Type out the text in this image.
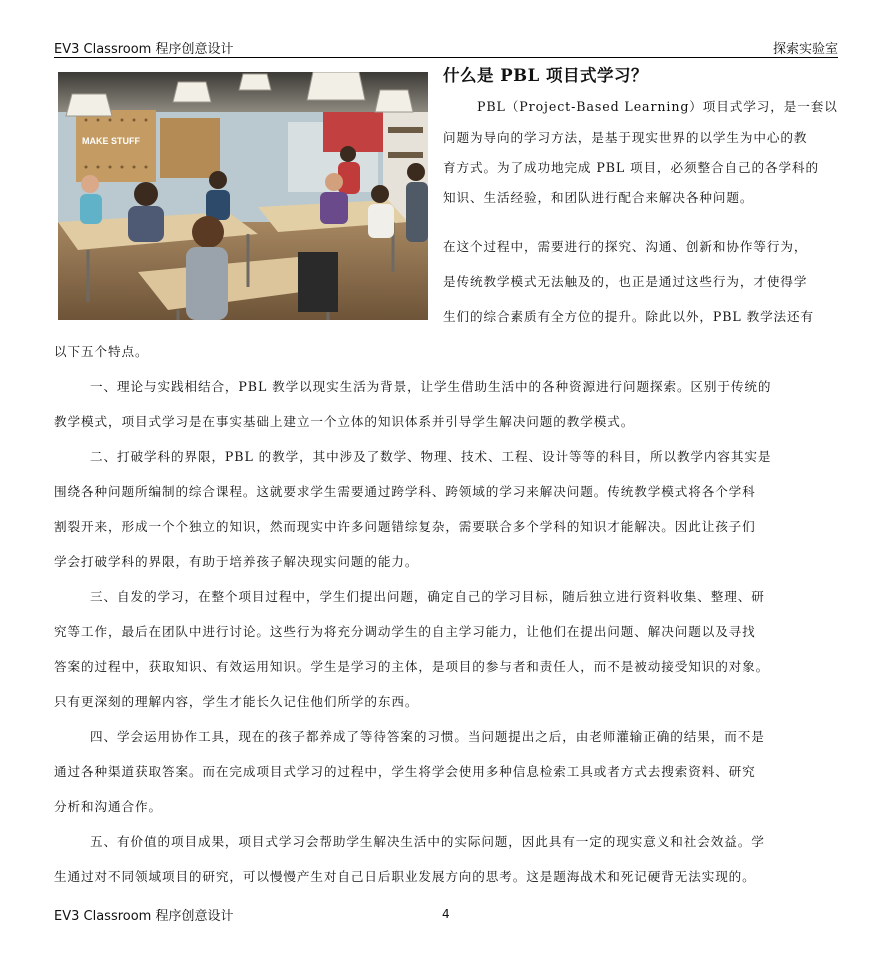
EV3 Classroom 程序创意设计	探索实验室
MAKE STUFF
什么是 PBL 项目式学习？
PBL（Project-Based Learning）项目式学习，是一套以
问题为导向的学习方法，是基于现实世界的以学生为中心的教
育方式。为了成功地完成 PBL 项目，必须整合自己的各学科的
知识、生活经验，和团队进行配合来解决各种问题。
在这个过程中，需要进行的探究、沟通、创新和协作等行为，
是传统教学模式无法触及的，也正是通过这些行为，才使得学
生们的综合素质有全方位的提升。除此以外，PBL 教学法还有
以下五个特点。
一、理论与实践相结合，PBL 教学以现实生活为背景，让学生借助生活中的各种资源进行问题探索。区别于传统的
教学模式，项目式学习是在事实基础上建立一个立体的知识体系并引导学生解决问题的教学模式。
二、打破学科的界限，PBL 的教学，其中涉及了数学、物理、技术、工程、设计等等的科目，所以教学内容其实是
围绕各种问题所编制的综合课程。这就要求学生需要通过跨学科、跨领域的学习来解决问题。传统教学模式将各个学科
割裂开来，形成一个个独立的知识，然而现实中许多问题错综复杂，需要联合多个学科的知识才能解决。因此让孩子们
学会打破学科的界限，有助于培养孩子解决现实问题的能力。
三、自发的学习，在整个项目过程中，学生们提出问题，确定自己的学习目标，随后独立进行资料收集、整理、研
究等工作，最后在团队中进行讨论。这些行为将充分调动学生的自主学习能力，让他们在提出问题、解决问题以及寻找
答案的过程中，获取知识、有效运用知识。学生是学习的主体，是项目的参与者和责任人，而不是被动接受知识的对象。
只有更深刻的理解内容，学生才能长久记住他们所学的东西。
四、学会运用协作工具，现在的孩子都养成了等待答案的习惯。当问题提出之后，由老师灌输正确的结果，而不是
通过各种渠道获取答案。而在完成项目式学习的过程中，学生将学会使用多种信息检索工具或者方式去搜索资料、研究
分析和沟通合作。
五、有价值的项目成果，项目式学习会帮助学生解决生活中的实际问题，因此具有一定的现实意义和社会效益。学
生通过对不同领域项目的研究，可以慢慢产生对自己日后职业发展方向的思考。这是题海战术和死记硬背无法实现的。
EV3 Classroom 程序创意设计	4
